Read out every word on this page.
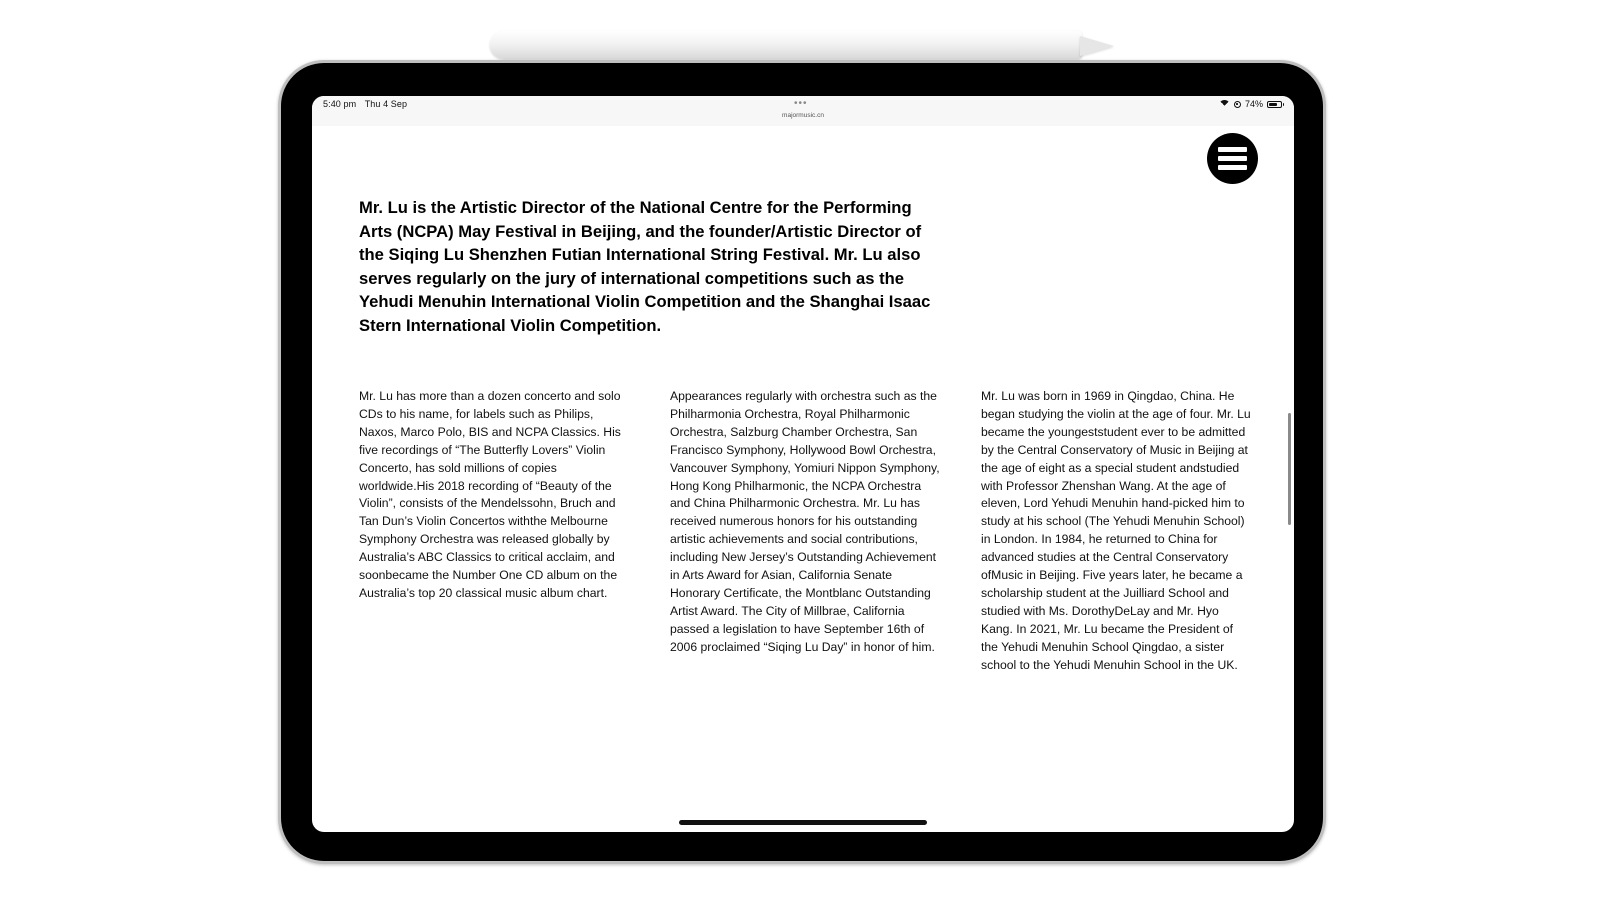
5:40 pm Thu 4 Sep	•••
majormusic.cn
74%

Mr. Lu is the Artistic Director of the National Centre for the Performing Arts (NCPA) May Festival in Beijing, and the founder/Artistic Director of the Siqing Lu Shenzhen Futian International String Festival. Mr. Lu also serves regularly on the jury of international competitions such as the Yehudi Menuhin International Violin Competition and the Shanghai Isaac Stern International Violin Competition.

Mr. Lu has more than a dozen concerto and solo CDs to his name, for labels such as Philips, Naxos, Marco Polo, BIS and NCPA Classics. His five recordings of “The Butterfly Lovers” Violin Concerto, has sold millions of copies worldwide.His 2018 recording of “Beauty of the Violin”, consists of the Mendelssohn, Bruch and Tan Dun’s Violin Concertos withthe Melbourne Symphony Orchestra was released globally by Australia’s ABC Classics to critical acclaim, and soonbecame the Number One CD album on the Australia’s top 20 classical music album chart.

Appearances regularly with orchestra such as the Philharmonia Orchestra, Royal Philharmonic Orchestra, Salzburg Chamber Orchestra, San Francisco Symphony, Hollywood Bowl Orchestra, Vancouver Symphony, Yomiuri Nippon Symphony, Hong Kong Philharmonic, the NCPA Orchestra and China Philharmonic Orchestra. Mr. Lu has received numerous honors for his outstanding artistic achievements and social contributions, including New Jersey’s Outstanding Achievement in Arts Award for Asian, California Senate Honorary Certificate, the Montblanc Outstanding Artist Award. The City of Millbrae, California passed a legislation to have September 16th of 2006 proclaimed “Siqing Lu Day” in honor of him.

Mr. Lu was born in 1969 in Qingdao, China. He began studying the violin at the age of four. Mr. Lu became the youngeststudent ever to be admitted by the Central Conservatory of Music in Beijing at the age of eight as a special student andstudied with Professor Zhenshan Wang. At the age of eleven, Lord Yehudi Menuhin hand-picked him to study at his school (The Yehudi Menuhin School) in London. In 1984, he returned to China for advanced studies at the Central Conservatory ofMusic in Beijing. Five years later, he became a scholarship student at the Juilliard School and studied with Ms. DorothyDeLay and Mr. Hyo Kang. In 2021, Mr. Lu became the President of the Yehudi Menuhin School Qingdao, a sister school to the Yehudi Menuhin School in the UK.
